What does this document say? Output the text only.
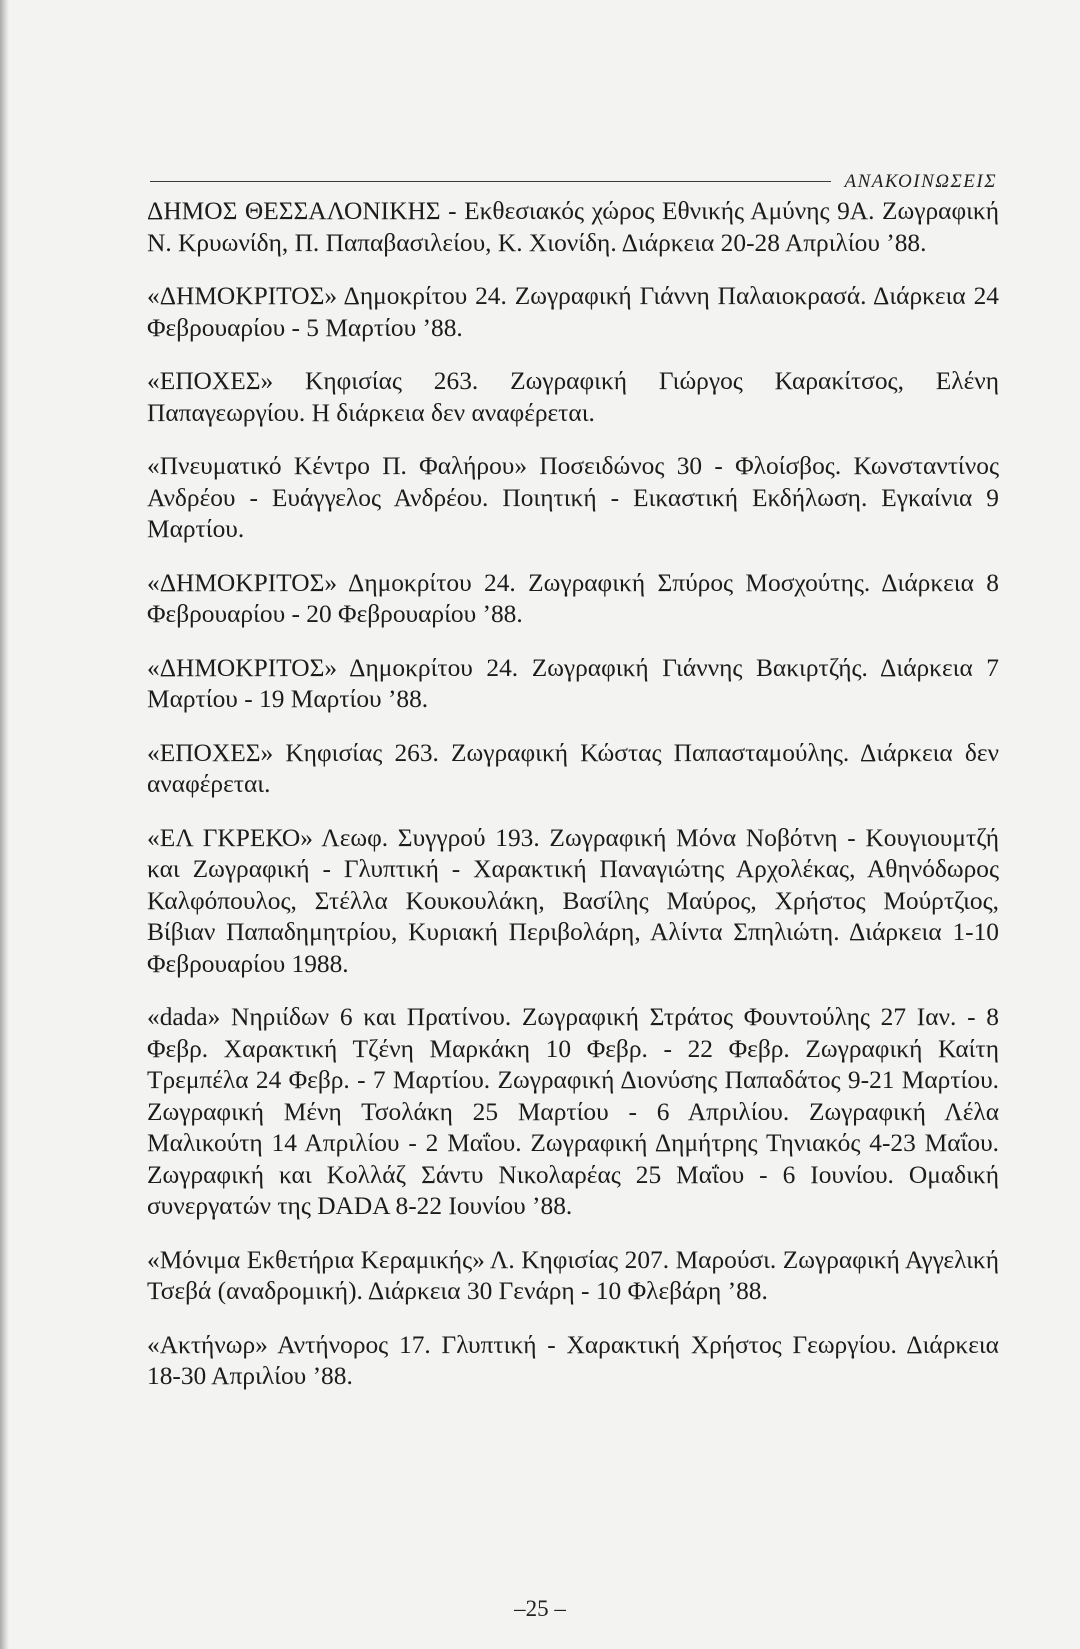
ΑΝΑΚΟΙΝΩΣΕΙΣ

ΔΗΜΟΣ ΘΕΣΣΑΛΟΝΙΚΗΣ - Εκθεσιακός χώρος Εθνικής Αμύνης 9Α. Ζωγραφική Ν. Κρυωνίδη, Π. Παπαβασιλείου, Κ. Χιονίδη. Διάρκεια 20-28 Απριλίου ’88.

«ΔΗΜΟΚΡΙΤΟΣ» Δημοκρίτου 24. Ζωγραφική Γιάννη Παλαιοκρασά. Διάρκεια 24 Φεβρουαρίου - 5 Μαρτίου ’88.

«ΕΠΟΧΕΣ» Κηφισίας 263. Ζωγραφική Γιώργος Καρακίτσος, Ελένη Παπαγεωργίου. Η διάρκεια δεν αναφέρεται.

«Πνευματικό Κέντρο Π. Φαλήρου» Ποσειδώνος 30 - Φλοίσβος. Κωνσταντίνος Ανδρέου - Ευάγγελος Ανδρέου. Ποιητική - Εικαστική Εκδήλωση. Εγκαίνια 9 Μαρτίου.

«ΔΗΜΟΚΡΙΤΟΣ» Δημοκρίτου 24. Ζωγραφική Σπύρος Μοσχούτης. Διάρκεια 8 Φεβρουαρίου - 20 Φεβρουαρίου ’88.

«ΔΗΜΟΚΡΙΤΟΣ» Δημοκρίτου 24. Ζωγραφική Γιάννης Βακιρτζής. Διάρκεια 7 Μαρτίου - 19 Μαρτίου ’88.

«ΕΠΟΧΕΣ» Κηφισίας 263. Ζωγραφική Κώστας Παπασταμούλης. Διάρκεια δεν αναφέρεται.

«ΕΛ ΓΚΡΕΚΟ» Λεωφ. Συγγρού 193. Ζωγραφική Μόνα Νοβότνη - Κουγιουμτζή και Ζωγραφική - Γλυπτική - Χαρακτική Παναγιώτης Αρχολέκας, Αθηνόδωρος Καλφόπουλος, Στέλλα Κουκουλάκη, Βασίλης Μαύρος, Χρήστος Μούρτζιος, Βίβιαν Παπαδημητρίου, Κυριακή Περιβολάρη, Αλίντα Σπηλιώτη. Διάρκεια 1-10 Φεβρουαρίου 1988.

«dada» Νηριίδων 6 και Πρατίνου. Ζωγραφική Στράτος Φουντούλης 27 Ιαν. - 8 Φεβρ. Χαρακτική Τζένη Μαρκάκη 10 Φεβρ. - 22 Φεβρ. Ζωγραφική Καίτη Τρεμπέλα 24 Φεβρ. - 7 Μαρτίου. Ζωγραφική Διονύσης Παπαδάτος 9-21 Μαρτίου. Ζωγραφική Μένη Τσολάκη 25 Μαρτίου - 6 Απριλίου. Ζωγραφική Λέλα Μαλικούτη 14 Απριλίου - 2 Μαΐου. Ζωγραφική Δημήτρης Τηνιακός 4-23 Μαΐου. Ζωγραφική και Κολλάζ Σάντυ Νικολαρέας 25 Μαΐου - 6 Ιουνίου. Ομαδική συνεργατών της DADA 8-22 Ιουνίου ’88.

«Μόνιμα Εκθετήρια Κεραμικής» Λ. Κηφισίας 207. Μαρούσι. Ζωγραφική Αγγελική Τσεβά (αναδρομική). Διάρκεια 30 Γενάρη - 10 Φλεβάρη ’88.

«Ακτήνωρ» Αντήνορος 17. Γλυπτική - Χαρακτική Χρήστος Γεωργίου. Διάρκεια 18-30 Απριλίου ’88.

–25 –
